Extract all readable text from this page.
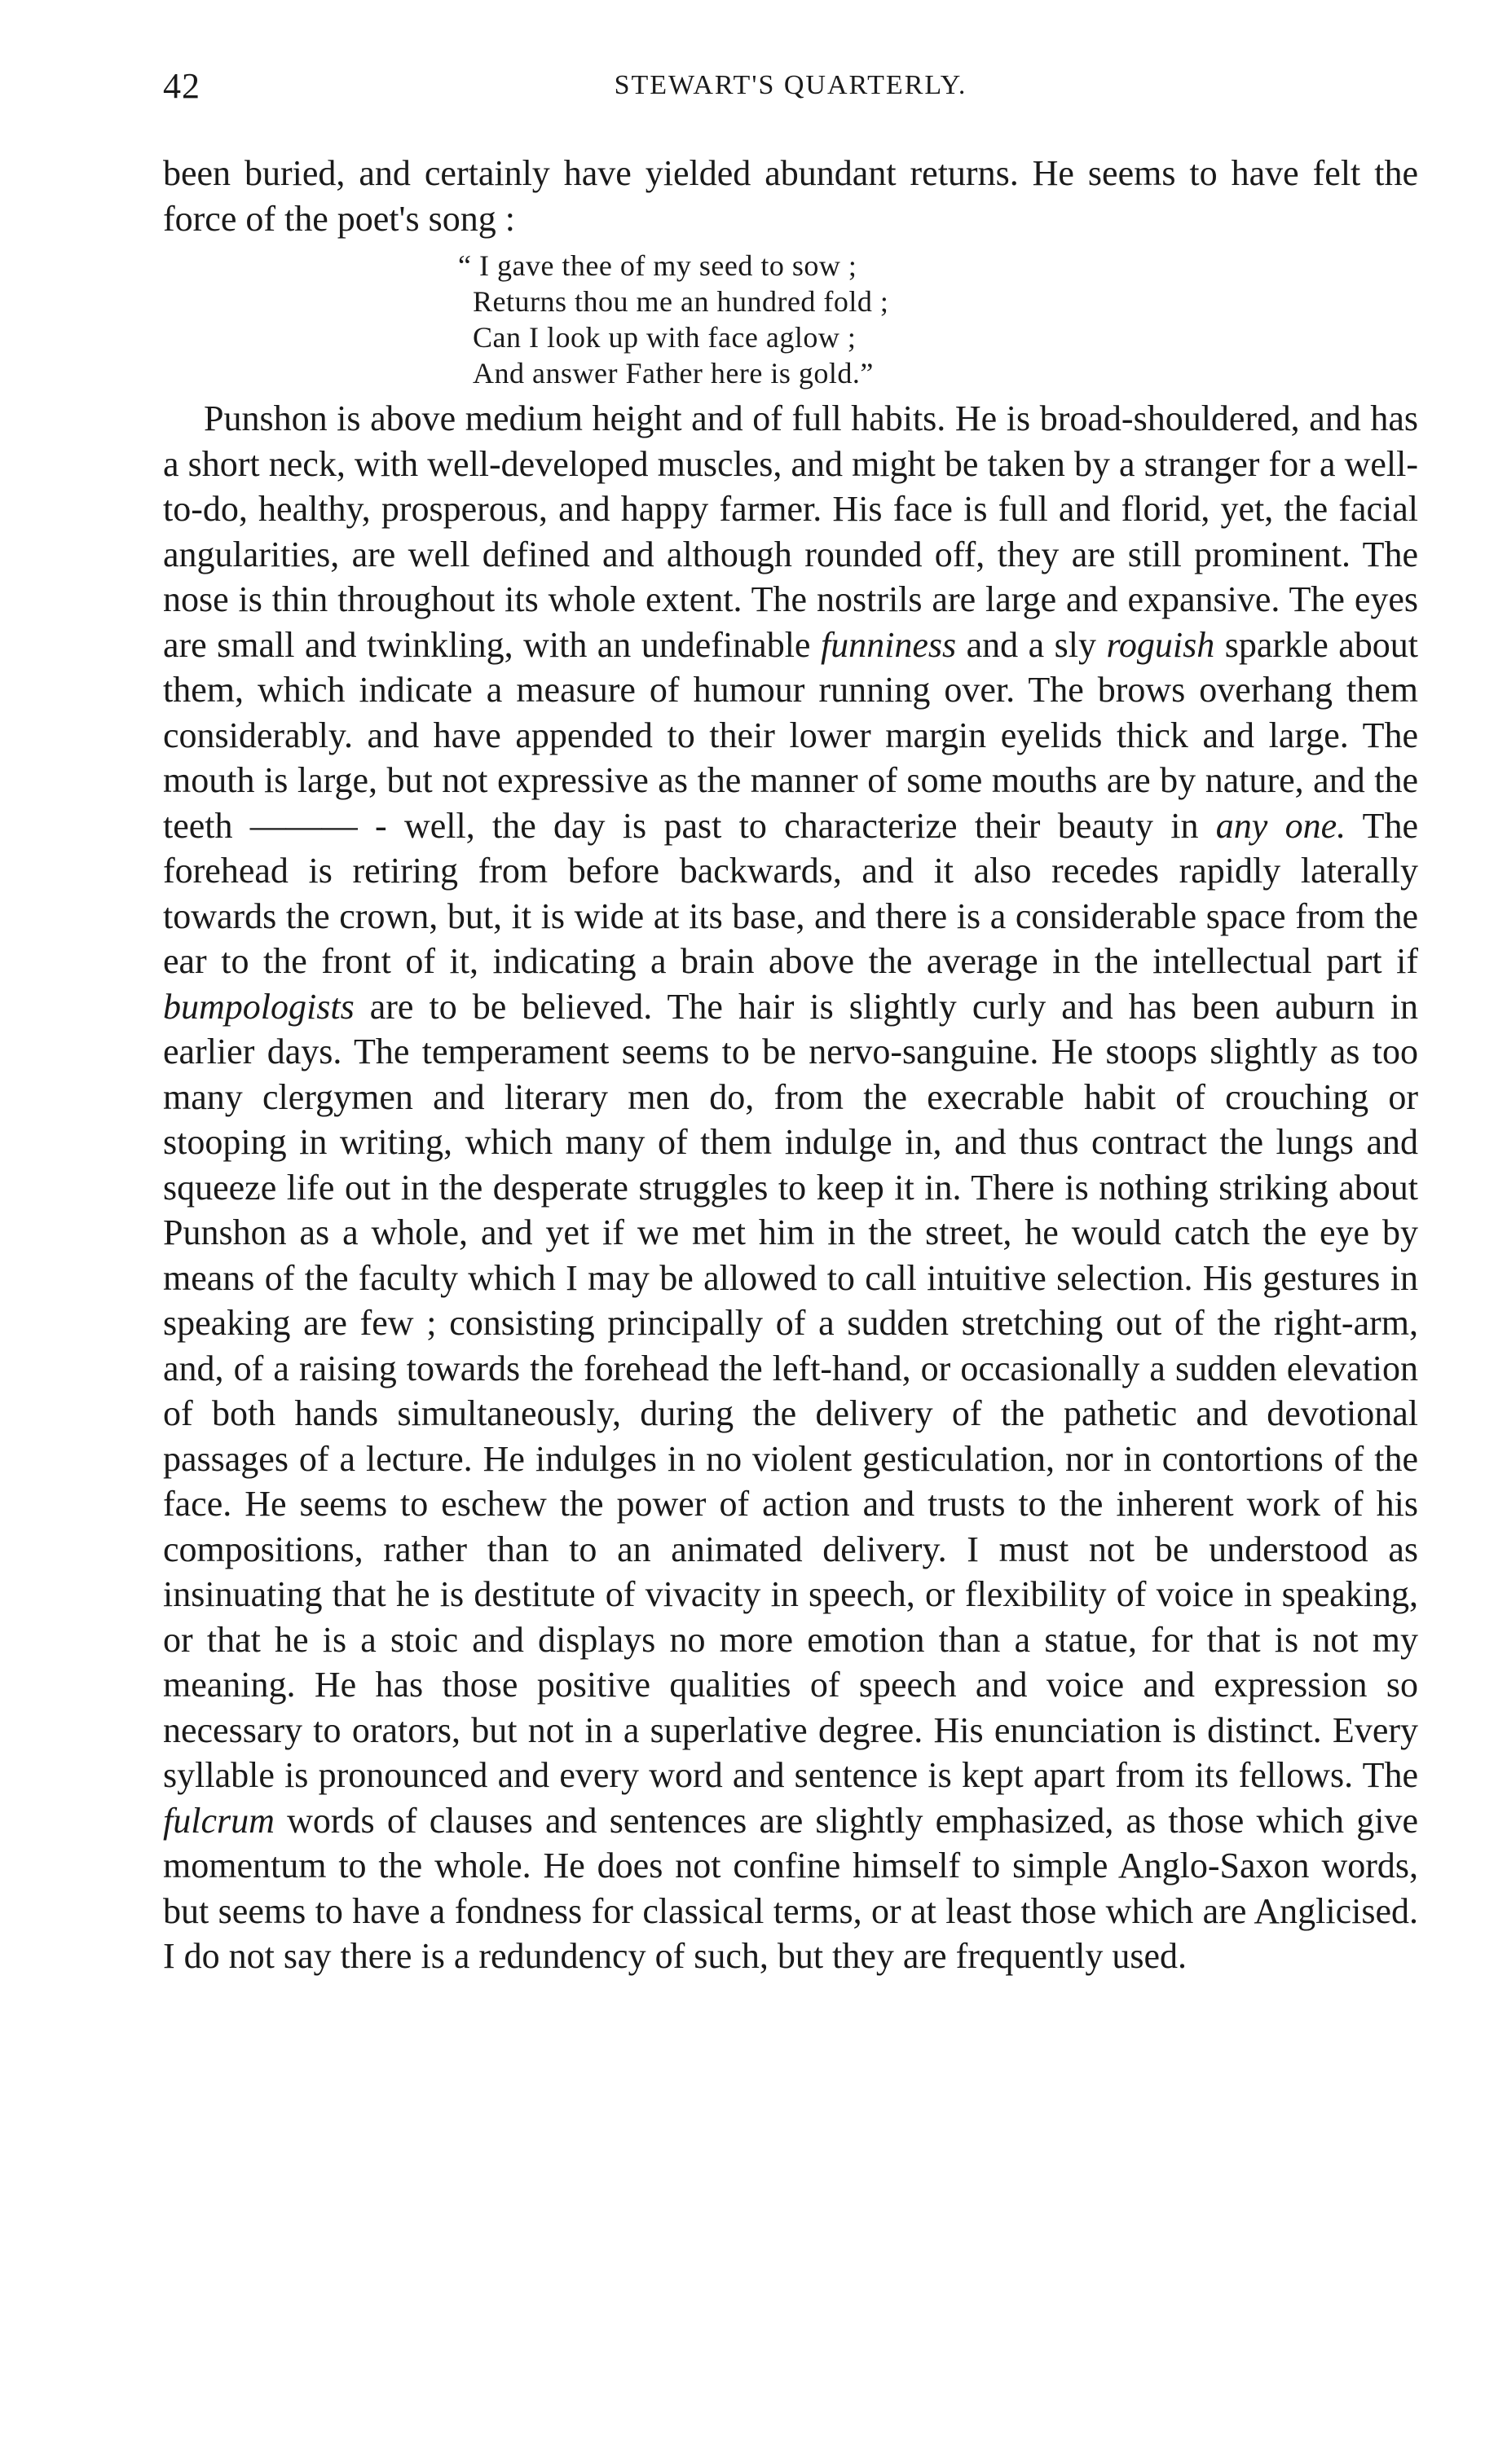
42	STEWART'S QUARTERLY.

been buried, and certainly have yielded abundant returns. He seems to have felt the force of the poet's song :

“ I gave thee of my seed to sow ;
Returns thou me an hundred fold ;
Can I look up with face aglow ;
And answer Father here is gold.”

Punshon is above medium height and of full habits. He is broad-shouldered, and has a short neck, with well-developed muscles, and might be taken by a stranger for a well-to-do, healthy, prosperous, and happy farmer. His face is full and florid, yet, the facial angularities, are well defined and although rounded off, they are still prominent. The nose is thin throughout its whole extent. The nostrils are large and expansive. The eyes are small and twinkling, with an undefinable funniness and a sly roguish sparkle about them, which indicate a measure of humour running over. The brows overhang them considerably. and have appended to their lower margin eyelids thick and large. The mouth is large, but not expressive as the manner of some mouths are by nature, and the teeth ——— - well, the day is past to characterize their beauty in any one. The forehead is retiring from before backwards, and it also recedes rapidly laterally towards the crown, but, it is wide at its base, and there is a considerable space from the ear to the front of it, indicating a brain above the average in the intellectual part if bumpologists are to be believed. The hair is slightly curly and has been auburn in earlier days. The temperament seems to be nervo-sanguine. He stoops slightly as too many clergymen and literary men do, from the execrable habit of crouching or stooping in writing, which many of them indulge in, and thus contract the lungs and squeeze life out in the desperate struggles to keep it in. There is nothing striking about Punshon as a whole, and yet if we met him in the street, he would catch the eye by means of the faculty which I may be allowed to call intuitive selection. His gestures in speaking are few ; consisting principally of a sudden stretching out of the right-arm, and, of a raising towards the forehead the left-hand, or occasionally a sudden elevation of both hands simultaneously, during the delivery of the pathetic and devotional passages of a lecture. He indulges in no violent gesticulation, nor in contortions of the face. He seems to eschew the power of action and trusts to the inherent work of his compositions, rather than to an animated delivery. I must not be understood as insinuating that he is destitute of vivacity in speech, or flexibility of voice in speaking, or that he is a stoic and displays no more emotion than a statue, for that is not my meaning. He has those positive qualities of speech and voice and expression so necessary to orators, but not in a superlative degree. His enunciation is distinct. Every syllable is pronounced and every word and sentence is kept apart from its fellows. The fulcrum words of clauses and sentences are slightly emphasized, as those which give momentum to the whole. He does not confine himself to simple Anglo-Saxon words, but seems to have a fondness for classical terms, or at least those which are Anglicised. I do not say there is a redundency of such, but they are frequently used.
